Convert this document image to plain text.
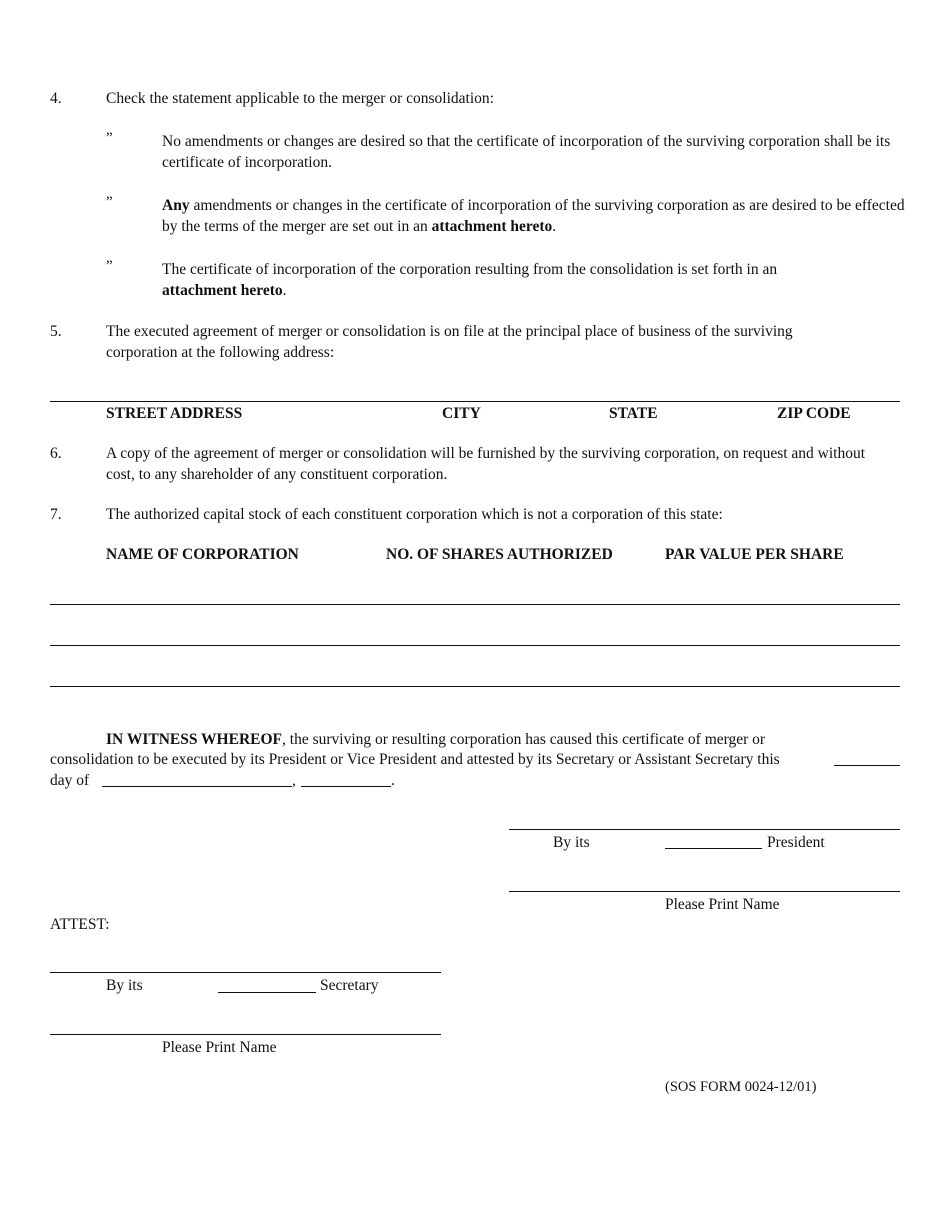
4.	Check the statement applicable to the merger or consolidation:
”	No amendments or changes are desired so that the certificate of incorporation of the surviving corporation shall be its certificate of incorporation.
”	Any amendments or changes in the certificate of incorporation of the surviving corporation as are desired to be effected by the terms of the merger are set out in an attachment hereto.
”	The certificate of incorporation of the corporation resulting from the consolidation is set forth in an attachment hereto.
5.	The executed agreement of merger or consolidation is on file at the principal place of business of the surviving corporation at the following address:
STREET ADDRESS	CITY	STATE	ZIP CODE
6.	A copy of the agreement of merger or consolidation will be furnished by the surviving corporation, on request and without cost, to any shareholder of any constituent corporation.
7.	The authorized capital stock of each constituent corporation which is not a corporation of this state:
NAME OF CORPORATION	NO. OF SHARES AUTHORIZED	PAR VALUE PER SHARE
IN WITNESS WHEREOF, the surviving or resulting corporation has caused this certificate of merger or
consolidation to be executed by its President or Vice President and attested by its Secretary or Assistant Secretary this
day of	,	.
By its	President
Please Print Name
ATTEST:
By its	Secretary
Please Print Name
(SOS FORM 0024-12/01)
